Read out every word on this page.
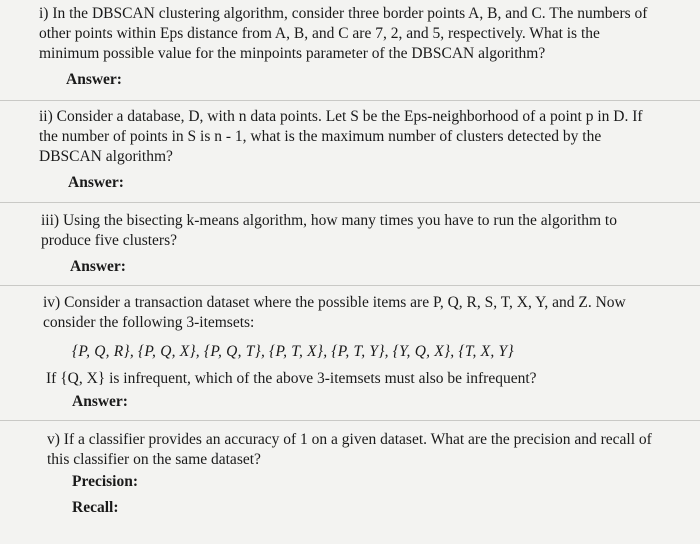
i) In the DBSCAN clustering algorithm, consider three border points A, B, and C. The numbers of
other points within Eps distance from A, B, and C are 7, 2, and 5, respectively. What is the
minimum possible value for the minpoints parameter of the DBSCAN algorithm?
Answer:
ii) Consider a database, D, with n data points. Let S be the Eps-neighborhood of a point p in D. If
the number of points in S is n - 1, what is the maximum number of clusters detected by the
DBSCAN algorithm?
Answer:
iii) Using the bisecting k-means algorithm, how many times you have to run the algorithm to
produce five clusters?
Answer:
iv) Consider a transaction dataset where the possible items are P, Q, R, S, T, X, Y, and Z. Now
consider the following 3-itemsets:
{P, Q, R}, {P, Q, X}, {P, Q, T}, {P, T, X}, {P, T, Y}, {Y, Q, X}, {T, X, Y}
If {Q, X} is infrequent, which of the above 3-itemsets must also be infrequent?
Answer:
v) If a classifier provides an accuracy of 1 on a given dataset. What are the precision and recall of
this classifier on the same dataset?
Precision:
Recall:
